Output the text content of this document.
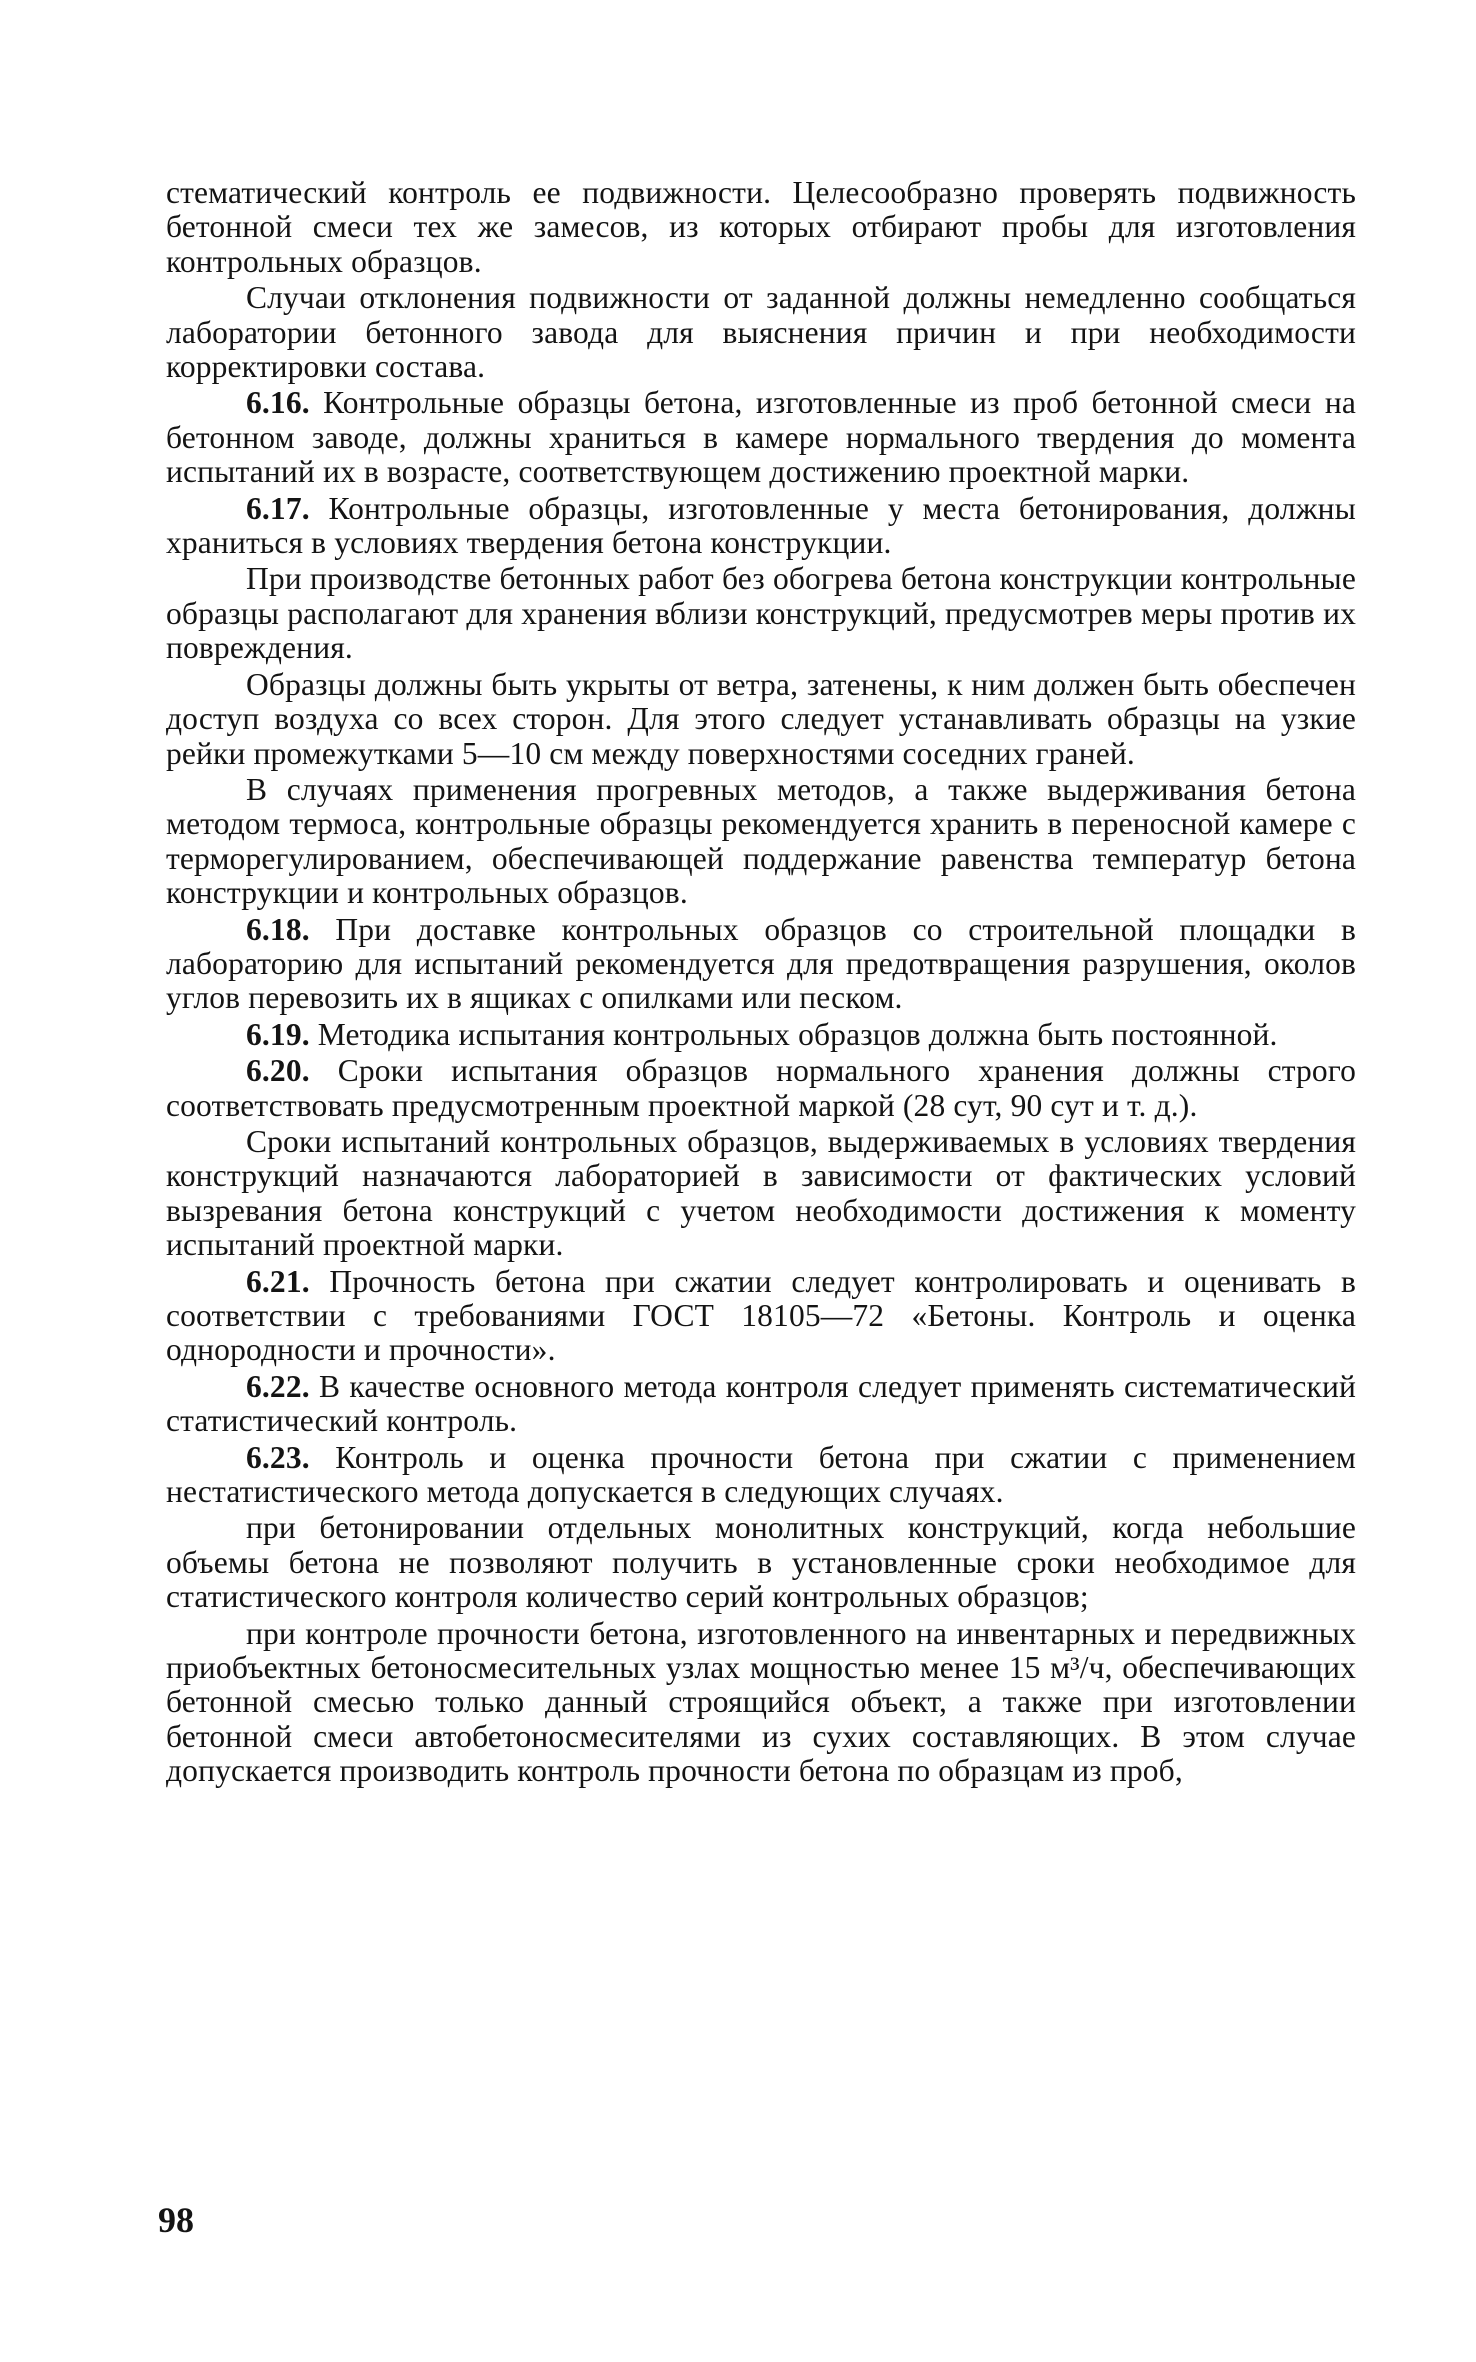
стематический контроль ее подвижности. Целесообразно проверять подвижность бетонной смеси тех же замесов, из которых отбирают пробы для изготовления контрольных образцов.

Случаи отклонения подвижности от заданной должны немедленно сообщаться лаборатории бетонного завода для выяснения причин и при необходимости корректировки состава.

6.16. Контрольные образцы бетона, изготовленные из проб бетонной смеси на бетонном заводе, должны храниться в камере нормального твердения до момента испытаний их в возрасте, соответствующем достижению проектной марки.

6.17. Контрольные образцы, изготовленные у места бетонирования, должны храниться в условиях твердения бетона конструкции.

При производстве бетонных работ без обогрева бетона конструкции контрольные образцы располагают для хранения вблизи конструкций, предусмотрев меры против их повреждения.

Образцы должны быть укрыты от ветра, затенены, к ним должен быть обеспечен доступ воздуха со всех сторон. Для этого следует устанавливать образцы на узкие рейки промежутками 5—10 см между поверхностями соседних граней.

В случаях применения прогревных методов, а также выдерживания бетона методом термоса, контрольные образцы рекомендуется хранить в переносной камере с терморегулированием, обеспечивающей поддержание равенства температур бетона конструкции и контрольных образцов.

6.18. При доставке контрольных образцов со строительной площадки в лабораторию для испытаний рекомендуется для предотвращения разрушения, околов углов перевозить их в ящиках с опилками или песком.

6.19. Методика испытания контрольных образцов должна быть постоянной.

6.20. Сроки испытания образцов нормального хранения должны строго соответствовать предусмотренным проектной маркой (28 сут, 90 сут и т. д.).

Сроки испытаний контрольных образцов, выдерживаемых в условиях твердения конструкций назначаются лабораторией в зависимости от фактических условий вызревания бетона конструкций с учетом необходимости достижения к моменту испытаний проектной марки.

6.21. Прочность бетона при сжатии следует контролировать и оценивать в соответствии с требованиями ГОСТ 18105—72 «Бетоны. Контроль и оценка однородности и прочности».

6.22. В качестве основного метода контроля следует применять систематический статистический контроль.

6.23. Контроль и оценка прочности бетона при сжатии с применением нестатистического метода допускается в следующих случаях.

при бетонировании отдельных монолитных конструкций, когда небольшие объемы бетона не позволяют получить в установленные сроки необходимое для статистического контроля количество серий контрольных образцов;

при контроле прочности бетона, изготовленного на инвентарных и передвижных приобъектных бетоносмесительных узлах мощностью менее 15 м³/ч, обеспечивающих бетонной смесью только данный строящийся объект, а также при изготовлении бетонной смеси автобетоносмесителями из сухих составляющих. В этом случае допускается производить контроль прочности бетона по образцам из проб,

98
